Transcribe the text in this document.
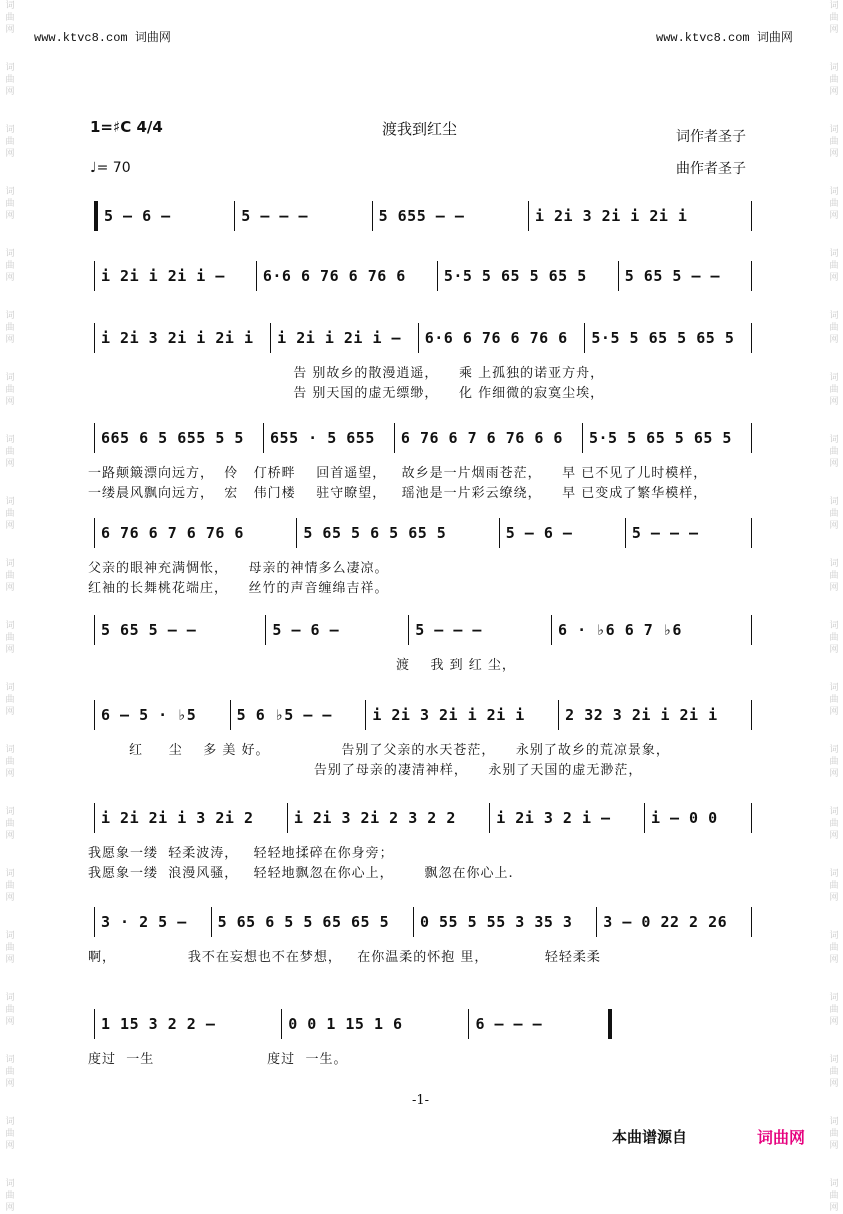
词曲网
词曲网
词曲网
词曲网
词曲网
词曲网
词曲网
词曲网
词曲网
词曲网
词曲网
词曲网
词曲网
词曲网
词曲网
词曲网
词曲网
词曲网
词曲网
词曲网
词曲网
词曲网
词曲网
词曲网
词曲网
词曲网
词曲网
词曲网
词曲网
词曲网
词曲网
词曲网
词曲网
词曲网
词曲网
词曲网
词曲网
词曲网
词曲网
词曲网
www.ktvc8.com 词曲网	www.ktvc8.com 词曲网
1=♯C 4/4
♩= 70
渡我到红尘	词作者圣子
曲作者圣子
5 – 6 –	5 – – –	5 655 – –	i 2i 3 2i i 2i i
i 2i i 2i i –	6·6 6 76 6 76 6	5·5 5 65 5 65 5	5 65 5 – –
i 2i 3 2i i 2i i	i 2i i 2i i –	6·6 6 76 6 76 6	5·5 5 65 5 65 5
告 别故乡的散漫逍遥，    乘 上孤独的诺亚方舟，
告 别天国的虚无缥缈，    化 作细微的寂寞尘埃，
665 6 5 655 5 5	655 · 5 655	6 76 6 7 6 76 6 6	5·5 5 65 5 65 5
一路颠簸漂向远方，  伶   仃桥畔    回首遥望，   故乡是一片烟雨苍茫，    早 已不见了儿时模样，
一缕晨风飘向远方，  宏   伟门楼    驻守瞭望，   瑶池是一片彩云缭绕，    早 已变成了繁华模样，
6 76 6 7 6 76 6	5 65 5 6 5 65 5	5 – 6 –	5 – – –
父亲的眼神充满惆怅，    母亲的神情多么凄凉。
红袖的长舞桃花端庄，    丝竹的声音缠绵吉祥。
5 65 5 – –	5 – 6 –	5 – – –	6 · ♭6 6 7 ♭6
渡    我 到 红 尘，
6 – 5 · ♭5	5 6 ♭5 – –	i 2i 3 2i i 2i i	2 32 3 2i i 2i i
红     尘    多 美 好。              告别了父亲的水天苍茫，    永别了故乡的荒凉景象，
告别了母亲的凄清神样，    永别了天国的虚无渺茫，
i 2i 2i i 3 2i 2	i 2i 3 2i 2 3 2 2	i 2i 3 2 i –	i – 0 0
我愿象一缕  轻柔波涛，   轻轻地揉碎在你身旁；
我愿象一缕  浪漫风骚，   轻轻地飘忽在你心上，      飘忽在你心上.
3 · 2 5 –	5 65 6 5 5 65 65 5	0 55 5 55 3 35 3	3 – 0 22 2 26
啊，              我不在妄想也不在梦想，   在你温柔的怀抱 里，           轻轻柔柔
1 15 3 2 2 –	0 0 1 15 1 6	6 – – –
度过  一生                      度过  一生。
-1-
本曲谱源自	词曲网
